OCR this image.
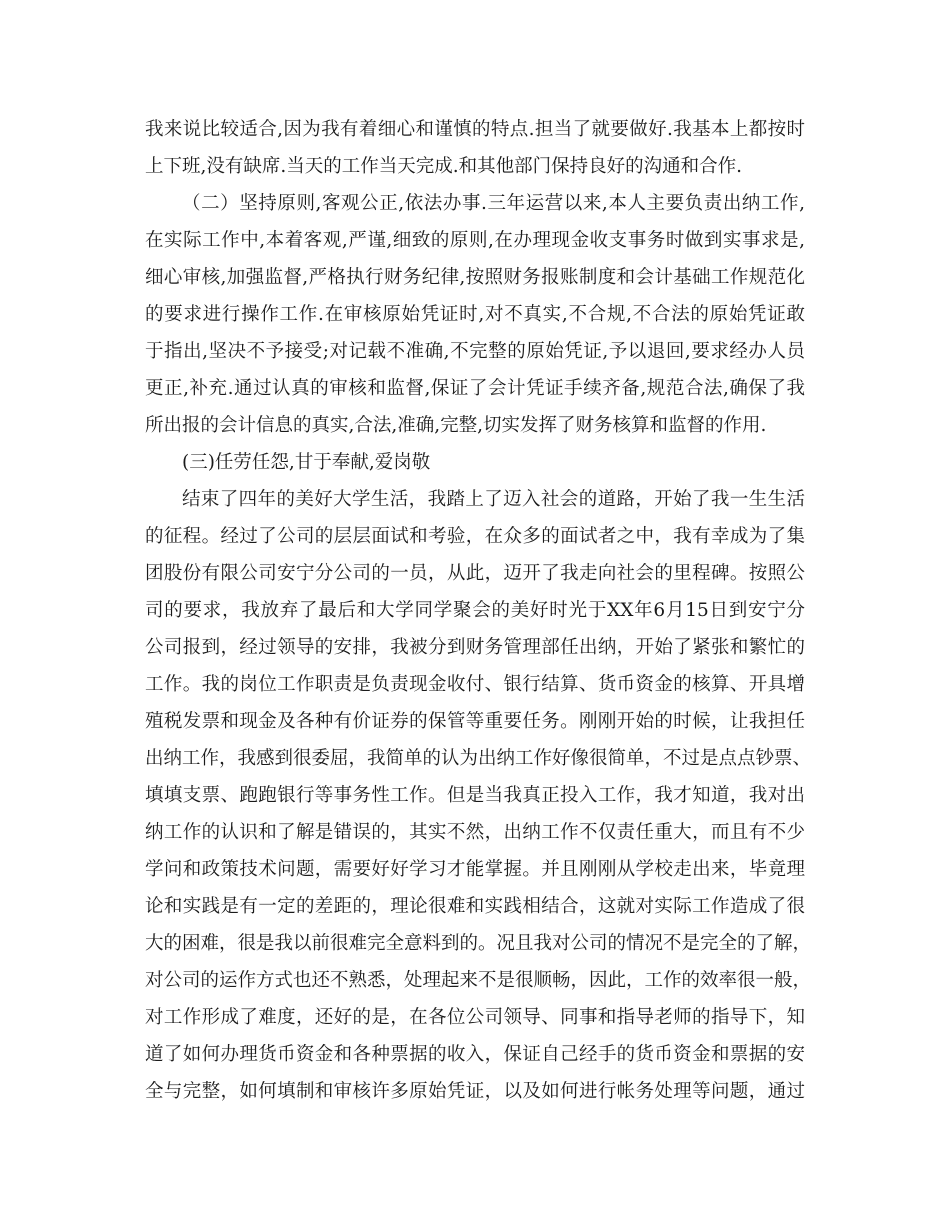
我来说比较适合,因为我有着细心和谨慎的特点.担当了就要做好.我基本上都按时

上下班,没有缺席.当天的工作当天完成.和其他部门保持良好的沟通和合作.

（二）坚持原则,客观公正,依法办事.三年运营以来,本人主要负责出纳工作,

在实际工作中,本着客观,严谨,细致的原则,在办理现金收支事务时做到实事求是,

细心审核,加强监督,严格执行财务纪律,按照财务报账制度和会计基础工作规范化

的要求进行操作工作.在审核原始凭证时,对不真实,不合规,不合法的原始凭证敢

于指出,坚决不予接受;对记载不准确,不完整的原始凭证,予以退回,要求经办人员

更正,补充.通过认真的审核和监督,保证了会计凭证手续齐备,规范合法,确保了我

所出报的会计信息的真实,合法,准确,完整,切实发挥了财务核算和监督的作用.

(三)任劳任怨,甘于奉献,爱岗敬

结束了四年的美好大学生活，我踏上了迈入社会的道路，开始了我一生生活

的征程。经过了公司的层层面试和考验，在众多的面试者之中，我有幸成为了集

团股份有限公司安宁分公司的一员，从此，迈开了我走向社会的里程碑。按照公

司的要求，我放弃了最后和大学同学聚会的美好时光于XX年6月15日到安宁分

公司报到，经过领导的安排，我被分到财务管理部任出纳，开始了紧张和繁忙的

工作。我的岗位工作职责是负责现金收付、银行结算、货币资金的核算、开具增

殖税发票和现金及各种有价证券的保管等重要任务。刚刚开始的时候，让我担任

出纳工作，我感到很委屈，我简单的认为出纳工作好像很简单，不过是点点钞票、

填填支票、跑跑银行等事务性工作。但是当我真正投入工作，我才知道，我对出

纳工作的认识和了解是错误的，其实不然，出纳工作不仅责任重大，而且有不少

学问和政策技术问题，需要好好学习才能掌握。并且刚刚从学校走出来，毕竟理

论和实践是有一定的差距的，理论很难和实践相结合，这就对实际工作造成了很

大的困难，很是我以前很难完全意料到的。况且我对公司的情况不是完全的了解，

对公司的运作方式也还不熟悉，处理起来不是很顺畅，因此，工作的效率很一般，

对工作形成了难度，还好的是，在各位公司领导、同事和指导老师的指导下，知

道了如何办理货币资金和各种票据的收入，保证自己经手的货币资金和票据的安

全与完整，如何填制和审核许多原始凭证，以及如何进行帐务处理等问题，通过
